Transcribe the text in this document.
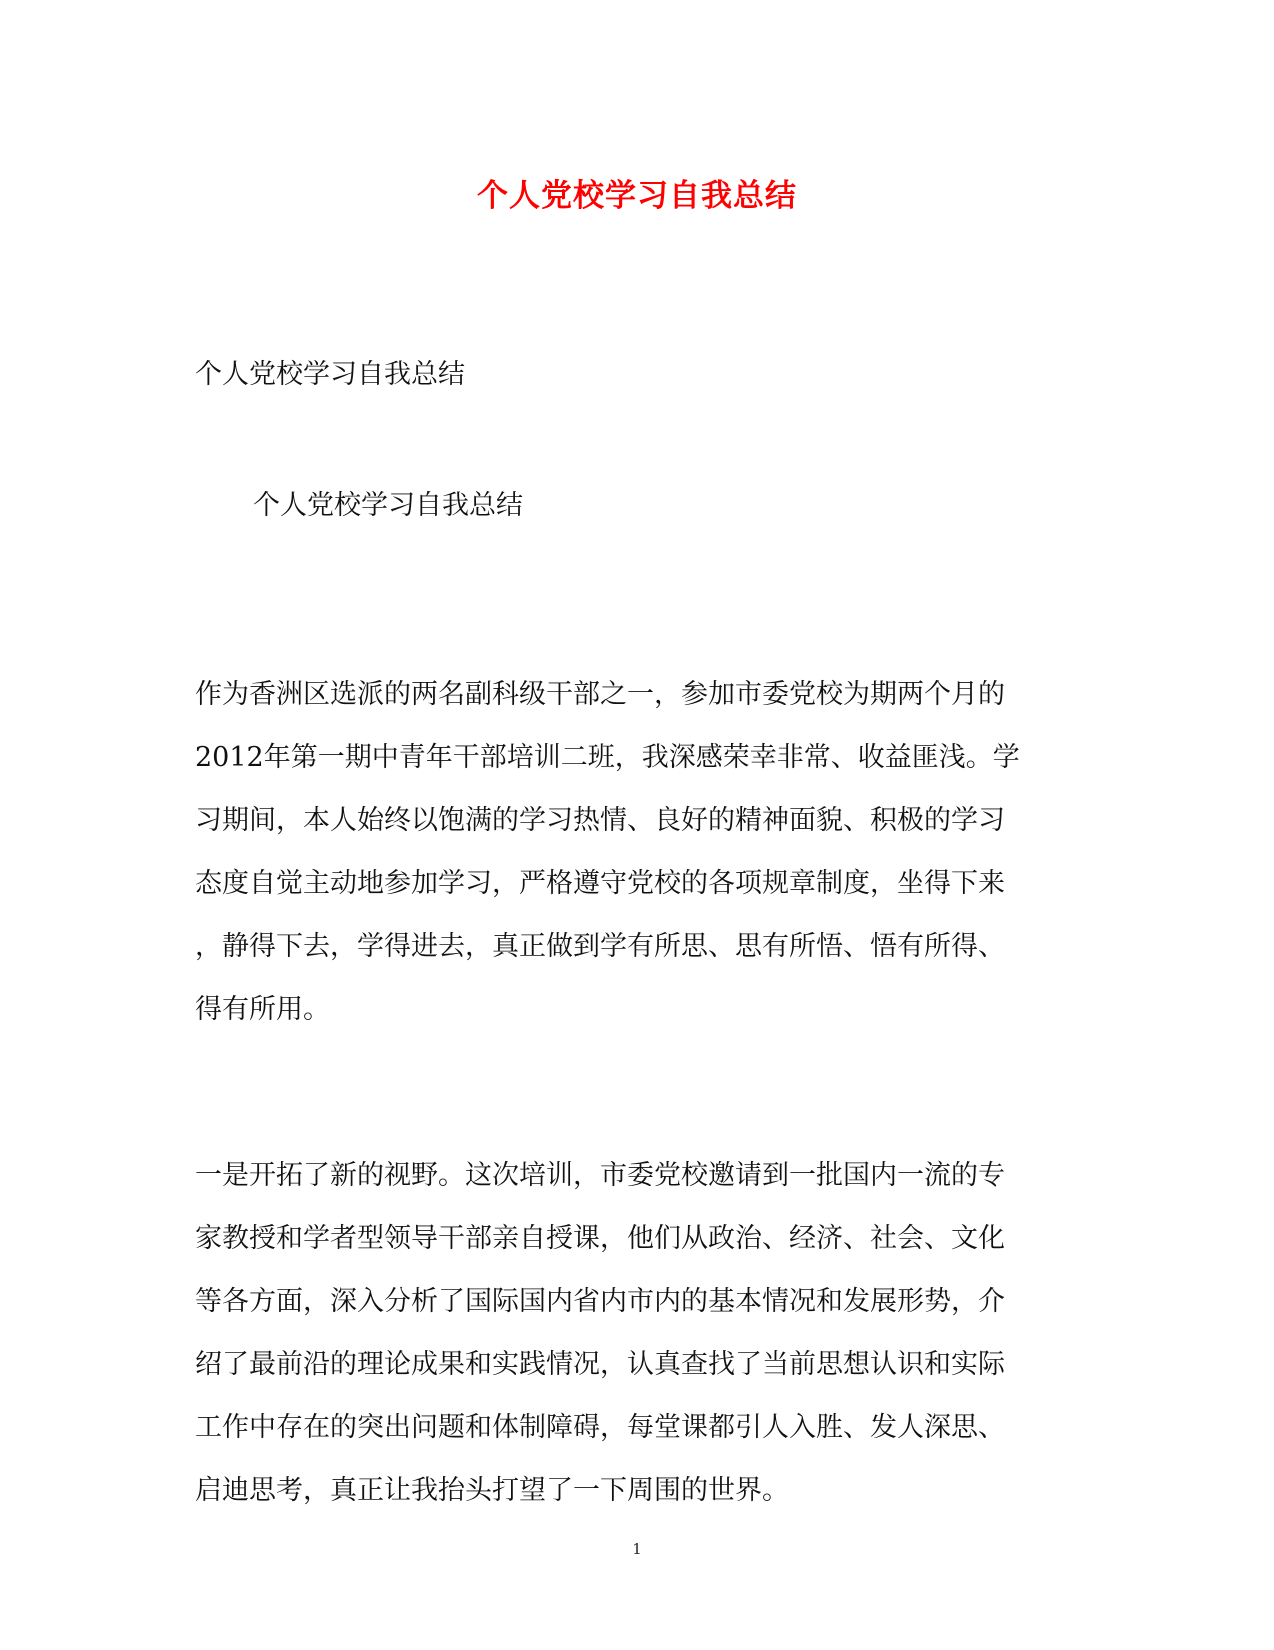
个人党校学习自我总结
个人党校学习自我总结
个人党校学习自我总结
作为香洲区选派的两名副科级干部之一，参加市委党校为期两个月的
2012年第一期中青年干部培训二班，我深感荣幸非常、收益匪浅。学
习期间，本人始终以饱满的学习热情、良好的精神面貌、积极的学习
态度自觉主动地参加学习，严格遵守党校的各项规章制度，坐得下来
，静得下去，学得进去，真正做到学有所思、思有所悟、悟有所得、
得有所用。
一是开拓了新的视野。这次培训，市委党校邀请到一批国内一流的专
家教授和学者型领导干部亲自授课，他们从政治、经济、社会、文化
等各方面，深入分析了国际国内省内市内的基本情况和发展形势，介
绍了最前沿的理论成果和实践情况，认真查找了当前思想认识和实际
工作中存在的突出问题和体制障碍，每堂课都引人入胜、发人深思、
启迪思考，真正让我抬头打望了一下周围的世界。
1
